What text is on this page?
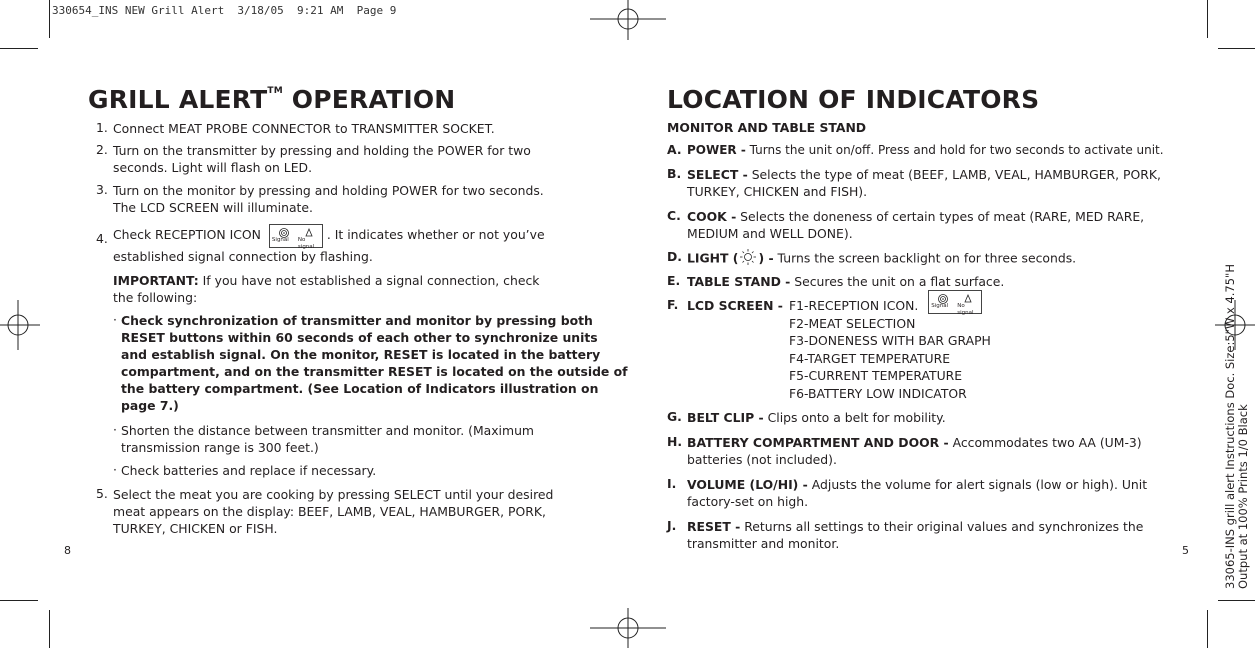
330654_INS NEW Grill Alert  3/18/05  9:21 AM  Page 9
GRILL ALERT™ OPERATION
1. Connect MEAT PROBE CONNECTOR to TRANSMITTER SOCKET.
2. Turn on the transmitter by pressing and holding the POWER for two
seconds. Light will flash on LED.
3. Turn on the monitor by pressing and holding POWER for two seconds.
The LCD SCREEN will illuminate.
4. Check RECEPTION ICON Signal No signal
. It indicates whether or not you’ve
established signal connection by flashing.
IMPORTANT: If you have not established a signal connection, check
the following:
· Check synchronization of transmitter and monitor by pressing both
RESET buttons within 60 seconds of each other to synchronize units
and establish signal. On the monitor, RESET is located in the battery
compartment, and on the transmitter RESET is located on the outside of
the battery compartment. (See Location of Indicators illustration on
page 7.)
· Shorten the distance between transmitter and monitor. (Maximum
transmission range is 300 feet.)
· Check batteries and replace if necessary.
5. Select the meat you are cooking by pressing SELECT until your desired
meat appears on the display: BEEF, LAMB, VEAL, HAMBURGER, PORK,
TURKEY, CHICKEN or FISH.
8
LOCATION OF INDICATORS
MONITOR AND TABLE STAND
A. POWER - Turns the unit on/off. Press and hold for two seconds to activate unit.
B. SELECT - Selects the type of meat (BEEF, LAMB, VEAL, HAMBURGER, PORK,
TURKEY, CHICKEN and FISH).
C. COOK - Selects the doneness of certain types of meat (RARE, MED RARE,
MEDIUM and WELL DONE).
D. LIGHT ( ) - Turns the screen backlight on for three seconds.
E. TABLE STAND - Secures the unit on a flat surface.
F. LCD SCREEN - F1-RECEPTION ICON. Signal No signal
F2-MEAT SELECTION
F3-DONENESS WITH BAR GRAPH
F4-TARGET TEMPERATURE
F5-CURRENT TEMPERATURE
F6-BATTERY LOW INDICATOR
G. BELT CLIP - Clips onto a belt for mobility.
H. BATTERY COMPARTMENT AND DOOR - Accommodates two AA (UM-3)
batteries (not included).
I. VOLUME (LO/HI) - Adjusts the volume for alert signals (low or high). Unit
factory-set on high.
J. RESET - Returns all settings to their original values and synchronizes the
transmitter and monitor.	5	33065-INS grill alert Instructions Doc. Size:5"W x 4.75"H Output at 100% Prints 1/0 Black
